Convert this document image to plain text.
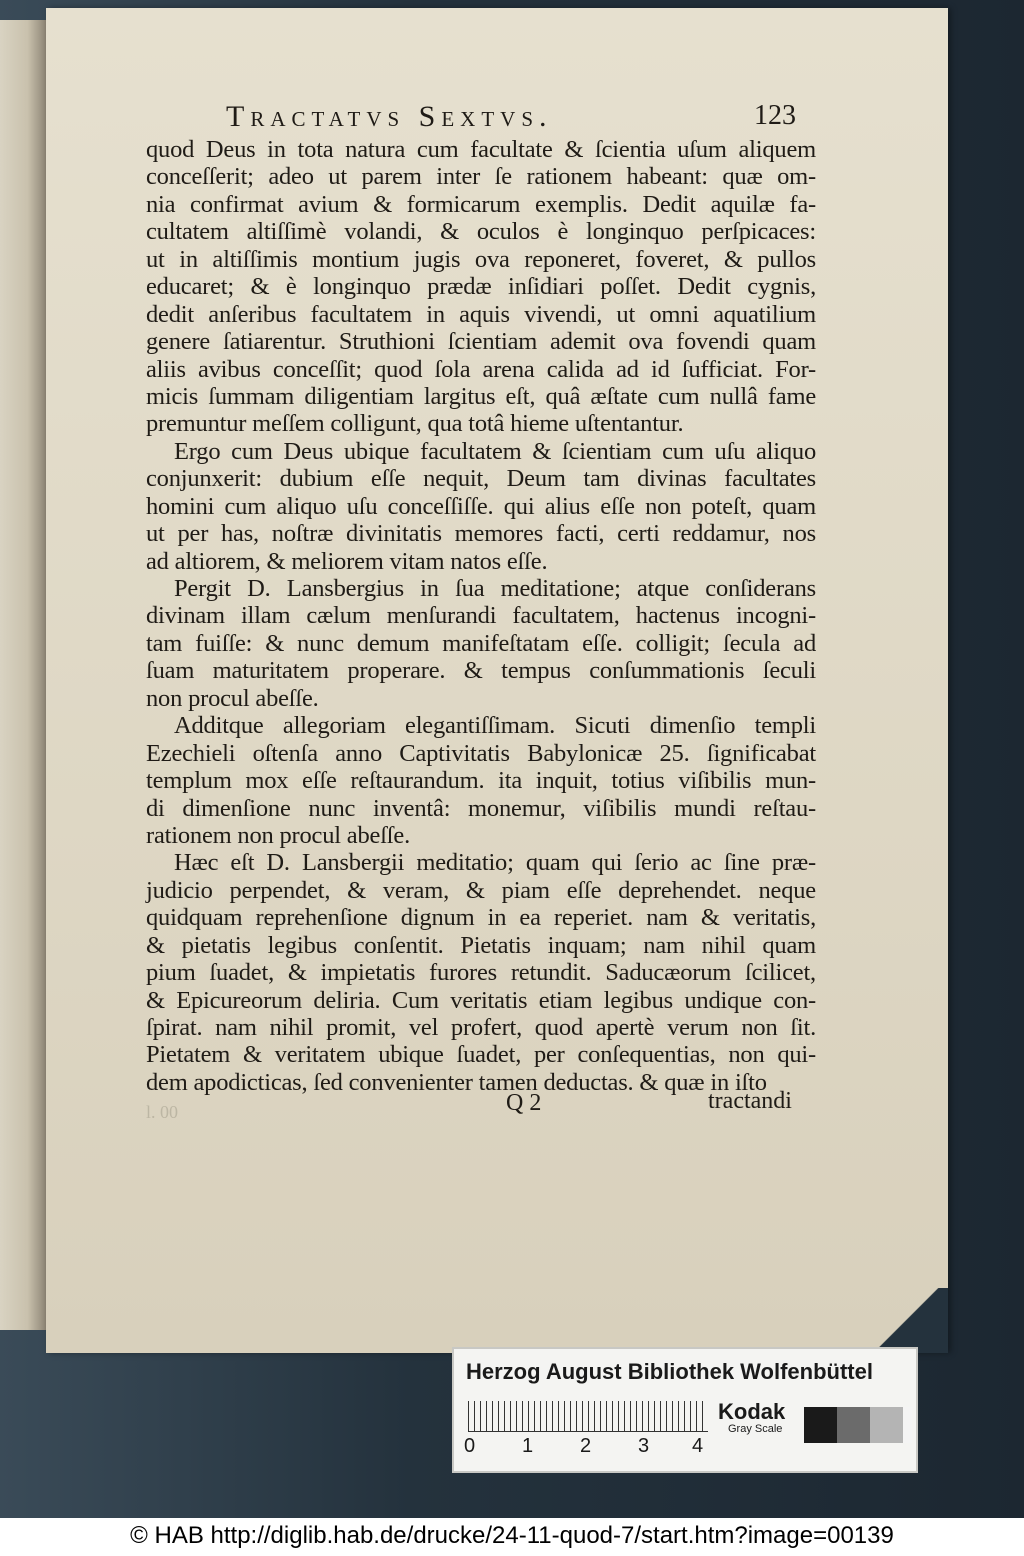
Tractatvs Sextvs.	123
quod Deus in tota natura cum facultate & ſcientia uſum aliquem
conceſſerit; adeo ut parem inter ſe rationem habeant: quæ om-
nia confirmat avium & formicarum exemplis. Dedit aquilæ fa-
cultatem altiſſimè volandi, & oculos è longinquo perſpicaces:
ut in altiſſimis montium jugis ova reponeret, foveret, & pullos
educaret; & è longinquo prædæ inſidiari poſſet. Dedit cygnis,
dedit anſeribus facultatem in aquis vivendi, ut omni aquatilium
genere ſatiarentur. Struthioni ſcientiam ademit ova fovendi quam
aliis avibus conceſſit; quod ſola arena calida ad id ſufficiat. For-
micis ſummam diligentiam largitus eſt, quâ æſtate cum nullâ fame
premuntur meſſem colligunt, qua totâ hieme uſtentantur.
Ergo cum Deus ubique facultatem & ſcientiam cum uſu aliquo
conjunxerit: dubium eſſe nequit, Deum tam divinas facultates
homini cum aliquo uſu conceſſiſſe. qui alius eſſe non poteſt, quam
ut per has, noſtræ divinitatis memores facti, certi reddamur, nos
ad altiorem, & meliorem vitam natos eſſe.
Pergit D. Lansbergius in ſua meditatione; atque conſiderans
divinam illam cælum menſurandi facultatem, hactenus incogni-
tam fuiſſe: & nunc demum manifeſtatam eſſe. colligit; ſecula ad
ſuam maturitatem properare. & tempus conſummationis ſeculi
non procul abeſſe.
Additque allegoriam elegantiſſimam. Sicuti dimenſio templi
Ezechieli oſtenſa anno Captivitatis Babylonicæ 25. ſignificabat
templum mox eſſe reſtaurandum. ita inquit, totius viſibilis mun-
di dimenſione nunc inventâ: monemur, viſibilis mundi reſtau-
rationem non procul abeſſe.
Hæc eſt D. Lansbergii meditatio; quam qui ſerio ac ſine præ-
judicio perpendet, & veram, & piam eſſe deprehendet. neque
quidquam reprehenſione dignum in ea reperiet. nam & veritatis,
& pietatis legibus conſentit. Pietatis inquam; nam nihil quam
pium ſuadet, & impietatis furores retundit. Saducæorum ſcilicet,
& Epicureorum deliria. Cum veritatis etiam legibus undique con-
ſpirat. nam nihil promit, vel profert, quod apertè verum non ſit.
Pietatem & veritatem ubique ſuadet, per conſequentias, non qui-
dem apodicticas, ſed convenienter tamen deductas. & quæ in iſto
l. 00	Q 2	tractandi
Herzog August Bibliothek Wolfenbüttel
0 1 2 3 4
Kodak
Gray Scale
© HAB http://diglib.hab.de/drucke/24-11-quod-7/start.htm?image=00139
